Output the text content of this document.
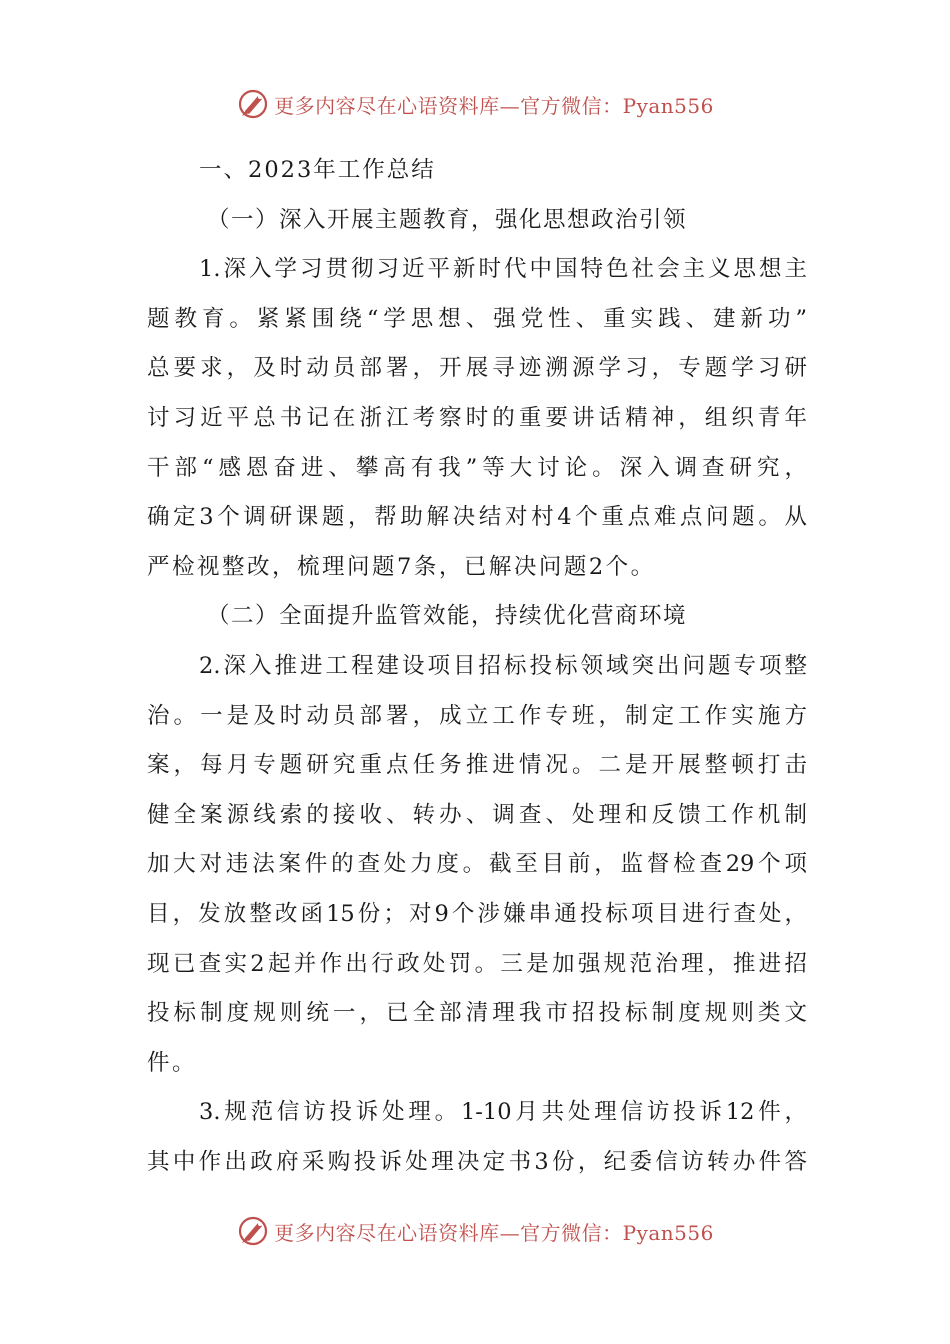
更多内容尽在心语资料库—官方微信：Pyan556
一、2023年工作总结
（一）深入开展主题教育，强化思想政治引领
1.深入学习贯彻习近平新时代中国特色社会主义思想主
题教育。紧紧围绕“学思想、强党性、重实践、建新功”
总要求，及时动员部署，开展寻迹溯源学习，专题学习研
讨习近平总书记在浙江考察时的重要讲话精神，组织青年
干部“感恩奋进、攀高有我”等大讨论。深入调查研究，
确定3个调研课题，帮助解决结对村4个重点难点问题。从
严检视整改，梳理问题7条，已解决问题2个。
（二）全面提升监管效能，持续优化营商环境
2.深入推进工程建设项目招标投标领域突出问题专项整
治。一是及时动员部署，成立工作专班，制定工作实施方
案，每月专题研究重点任务推进情况。二是开展整顿打击
健全案源线索的接收、转办、调查、处理和反馈工作机制
加大对违法案件的查处力度。截至目前，监督检查29个项
目，发放整改函15份；对9个涉嫌串通投标项目进行查处，
现已查实2起并作出行政处罚。三是加强规范治理，推进招
投标制度规则统一，已全部清理我市招投标制度规则类文
件。
3.规范信访投诉处理。1-10月共处理信访投诉12件，
其中作出政府采购投诉处理决定书3份，纪委信访转办件答
更多内容尽在心语资料库—官方微信：Pyan556
